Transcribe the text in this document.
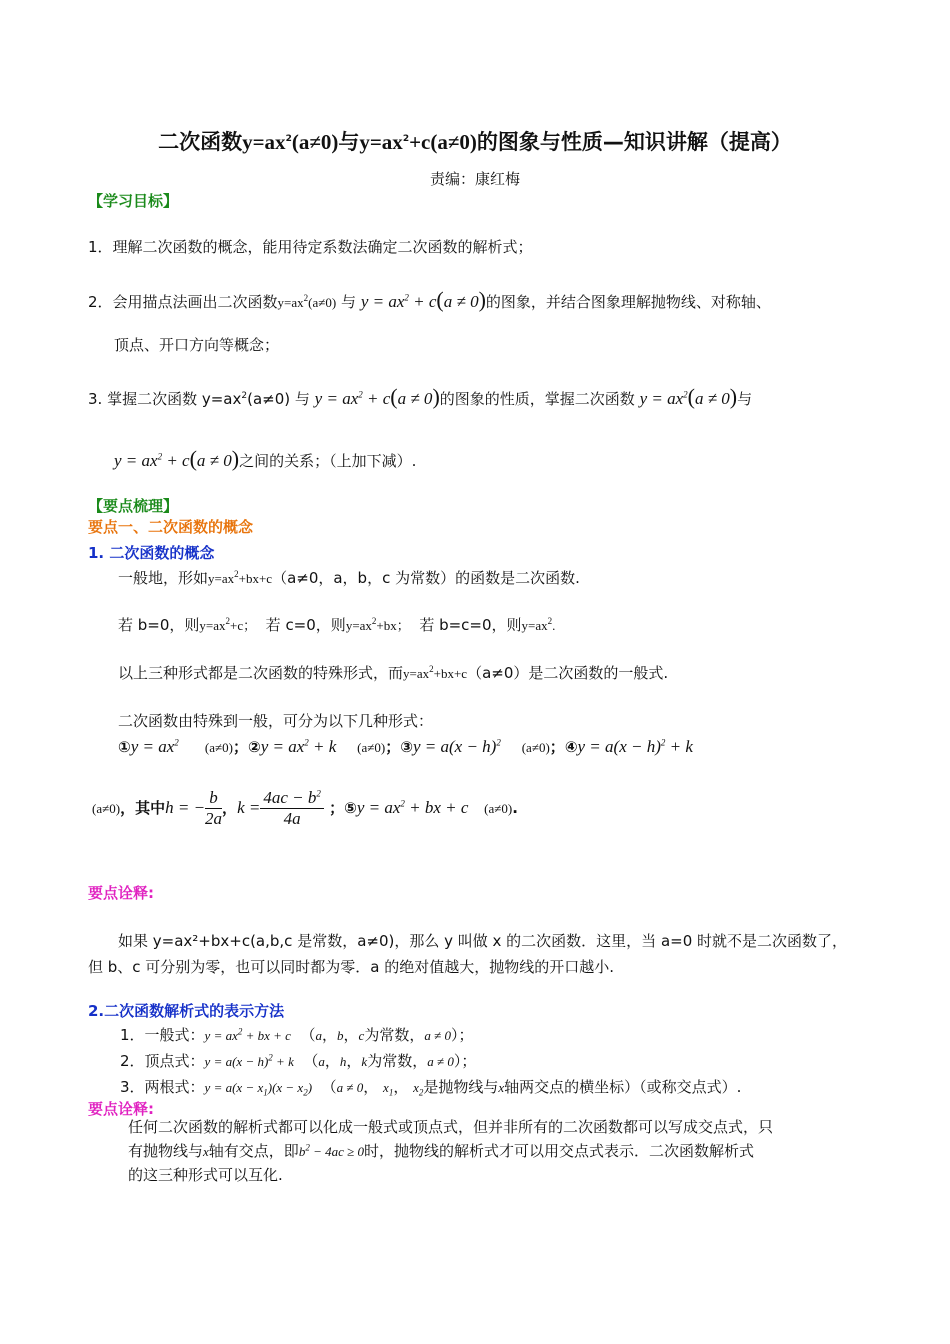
二次函数$y=ax^2(a\ne 0)$与$y=ax^2+c(a\ne 0)$的图象与性质—知识讲解（提高）
责编：康红梅
【学习目标】
1．理解二次函数的概念，能用待定系数法确定二次函数的解析式；
2．会用描点法画出二次函数$y=ax^2(a\ne 0)$ 与 $y = ax^2 + c(a \ne 0)$的图象，并结合图象理解抛物线、对称轴、
顶点、开口方向等概念；
3. 掌握二次函数 $y=ax^2(a\ne 0)$ 与 $y = ax^2 + c(a \ne 0)$的图象的性质，掌握二次函数 $y = ax^2(a \ne 0)$与
$y = ax^2 + c(a \ne 0)$之间的关系；（上加下减）.
【要点梳理】
要点一、二次函数的概念
1. 二次函数的概念
一般地，形如$y=ax^2+bx+c(a\ne 0$，a，b，c 为常数）的函数是二次函数.
若 b=0，则$y=ax^2+c$； 若 c=0，则$y=ax^2+bx$； 若 b=c=0，则$y=ax^2$.
以上三种形式都是二次函数的特殊形式，而$y=ax^2+bx+c(a\ne 0)$是二次函数的一般式.
二次函数由特殊到一般，可分为以下几种形式：
①y = $ax^2$ (a≠0)；②y = $ax^2 + k$ (a≠0)；③y = $a(x - h)^2$ (a≠0)；④y = $a(x - h)^2 + k$
(a≠0)，其中h = − $\frac{b}{2a}$ ，$k = \frac{4ac - b^2}{4a}$ ；⑤y = $ax^2$ + bx + c (a≠0).
要点诠释:
如果 y=ax²+bx+c(a,b,c 是常数，a≠0)，那么 y 叫做 x 的二次函数．这里，当 a=0 时就不是二次函数了，
但 b、c 可分别为零，也可以同时都为零．a 的绝对值越大，抛物线的开口越小.
2.二次函数解析式的表示方法
1．一般式：$y = ax^2$ + bx + c  （a，b，c为常数，a ≠ 0）；
2．顶点式：$y = a(x - h)^2 + k$  （a，h，k为常数，a ≠ 0）；
3．两根式：$y = a(x - x_1)(x - x_2)$  （a ≠ 0， $x_1$， $x_2$是抛物线与x轴两交点的横坐标）（或称交点式）.
要点诠释:
任何二次函数的解析式都可以化成一般式或顶点式，但并非所有的二次函数都可以写成交点式，只
有抛物线与x轴有交点，即$b^2 - 4ac \ge 0$时，抛物线的解析式才可以用交点式表示．二次函数解析式
的这三种形式可以互化.
